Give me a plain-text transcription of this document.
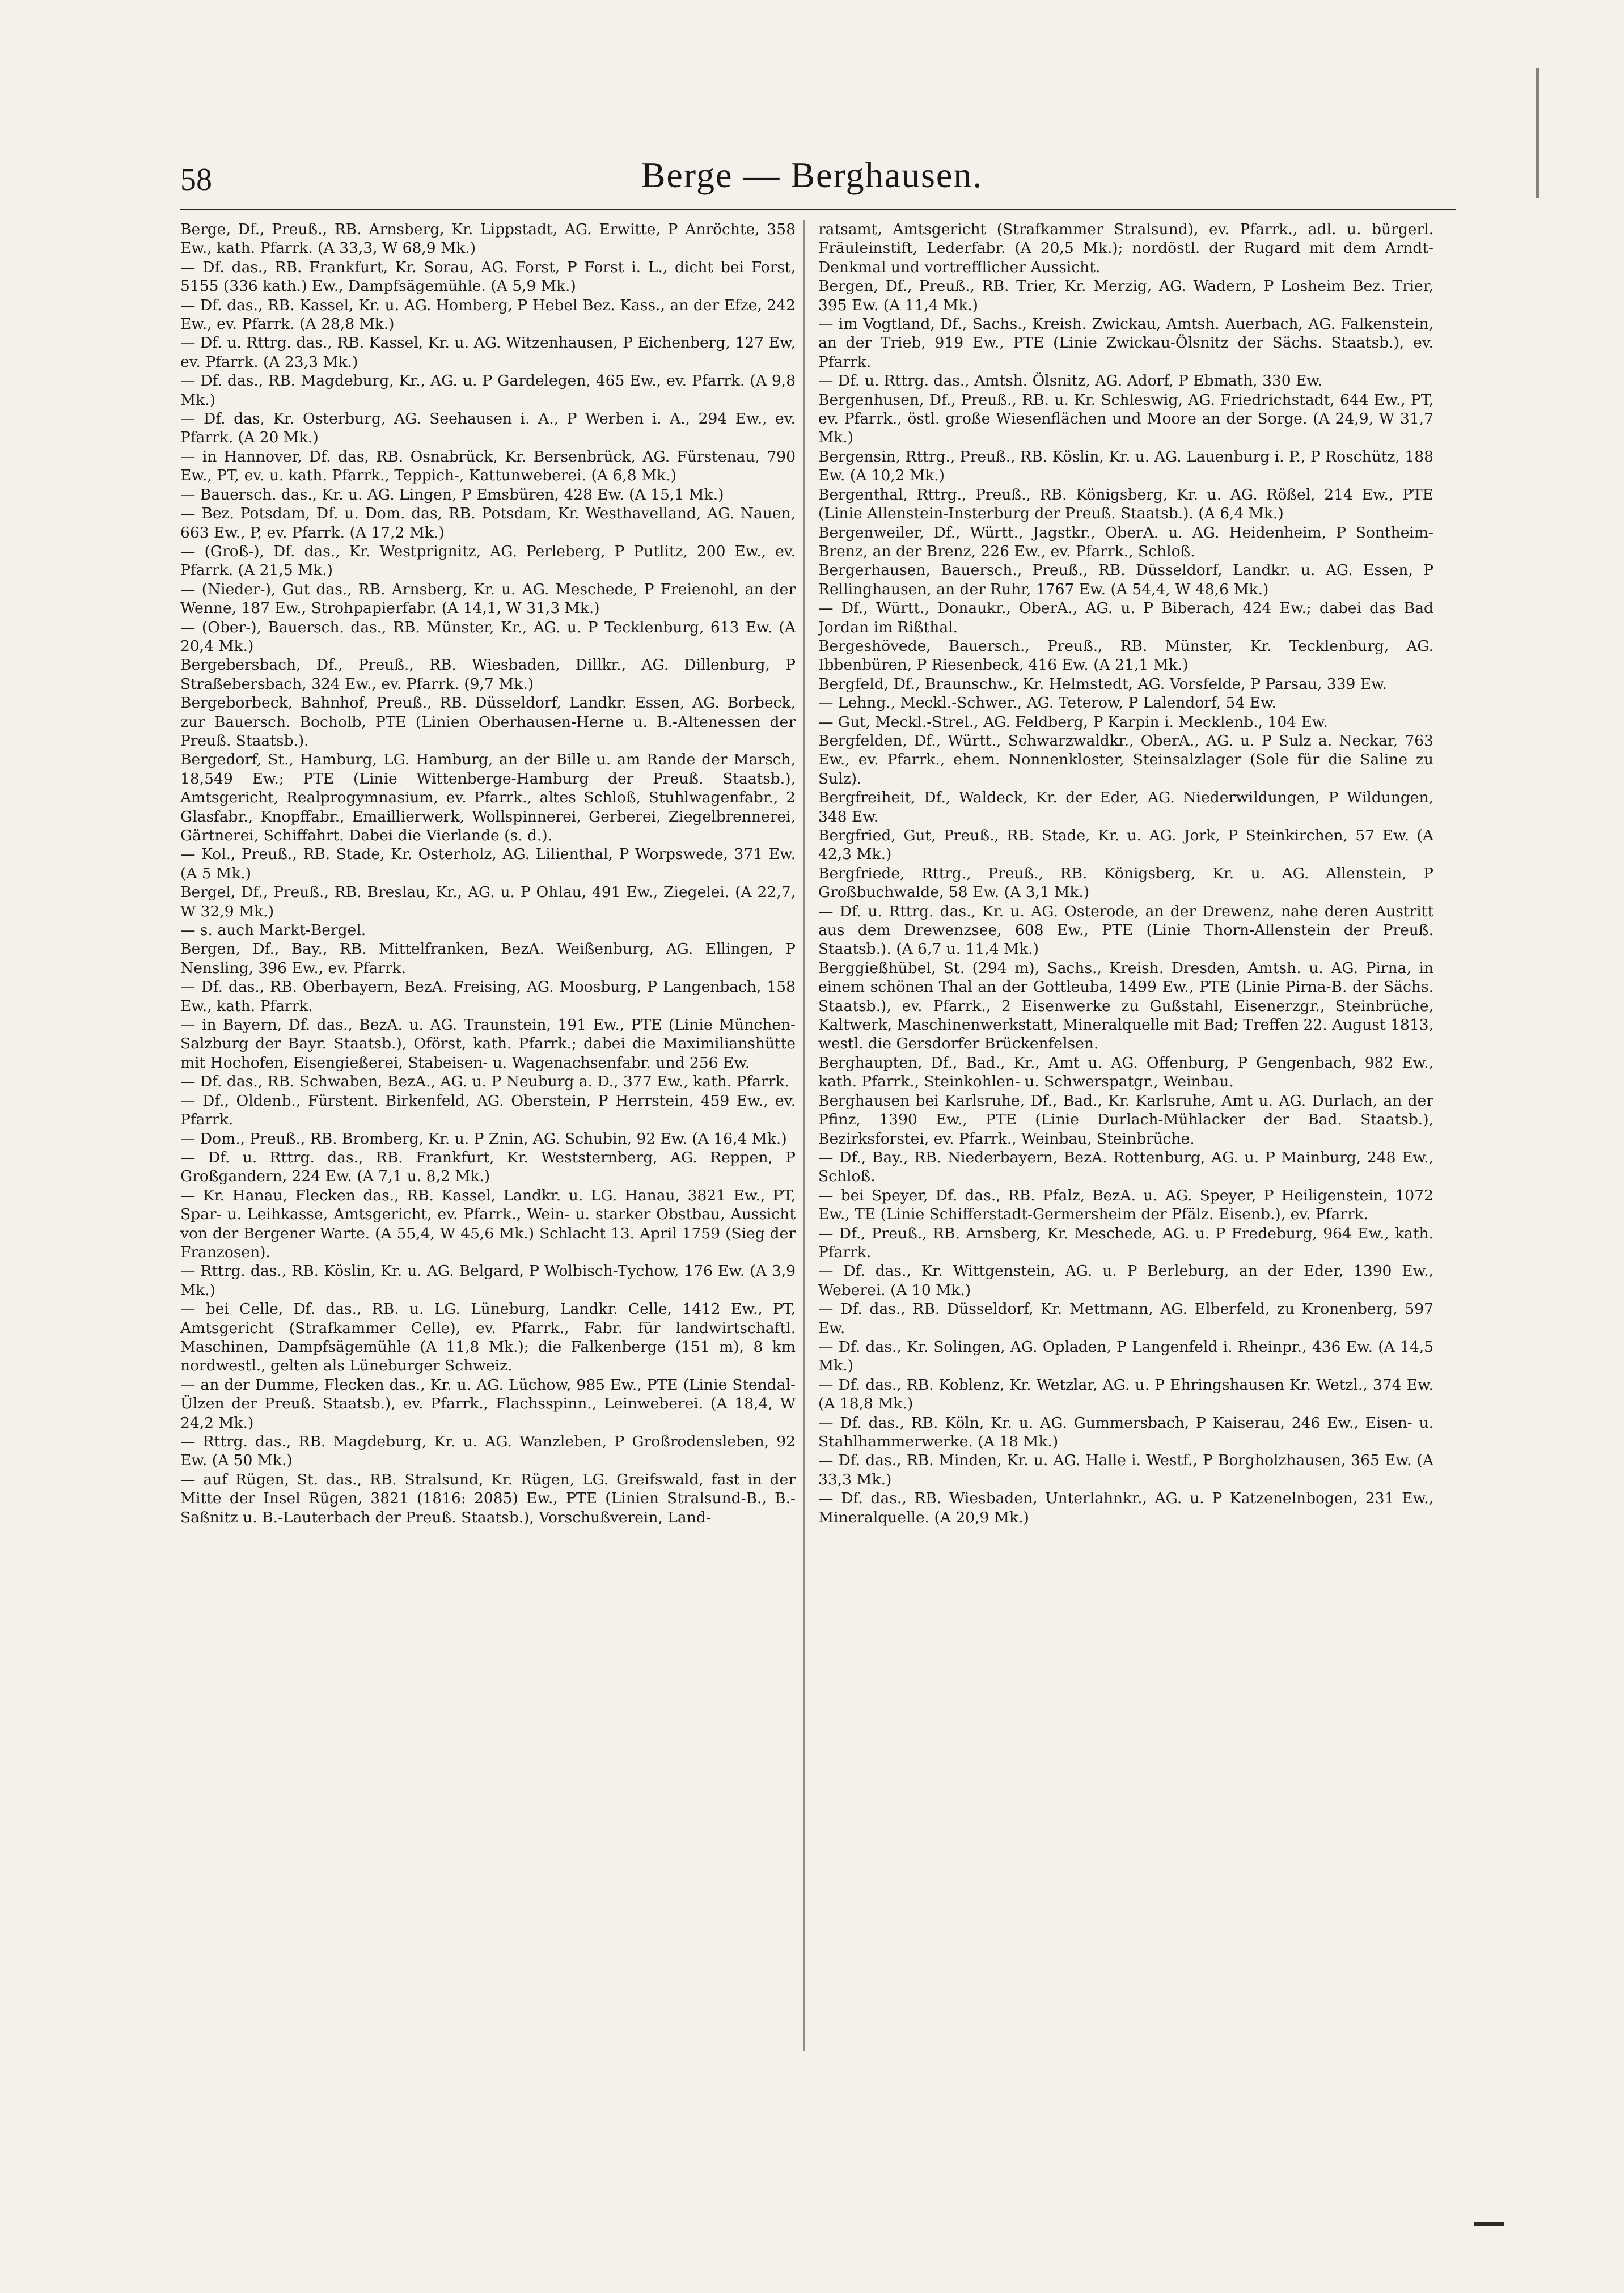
58	Berge — Berghausen.

Berge, Df., Preuß., RB. Arnsberg, Kr. Lippstadt, AG. Erwitte, P Anröchte, 358 Ew., kath. Pfarrk. (A 33,3, W 68,9 Mk.)

— Df. das., RB. Frankfurt, Kr. Sorau, AG. Forst, P Forst i. L., dicht bei Forst, 5155 (336 kath.) Ew., Dampfsägemühle. (A 5,9 Mk.)

— Df. das., RB. Kassel, Kr. u. AG. Homberg, P Hebel Bez. Kass., an der Efze, 242 Ew., ev. Pfarrk. (A 28,8 Mk.)

— Df. u. Rttrg. das., RB. Kassel, Kr. u. AG. Witzenhausen, P Eichenberg, 127 Ew, ev. Pfarrk. (A 23,3 Mk.)

— Df. das., RB. Magdeburg, Kr., AG. u. P Gardelegen, 465 Ew., ev. Pfarrk. (A 9,8 Mk.)

— Df. das, Kr. Osterburg, AG. Seehausen i. A., P Werben i. A., 294 Ew., ev. Pfarrk. (A 20 Mk.)

— in Hannover, Df. das, RB. Osnabrück, Kr. Bersenbrück, AG. Fürstenau, 790 Ew., PT, ev. u. kath. Pfarrk., Teppich-, Kattunweberei. (A 6,8 Mk.)

— Bauersch. das., Kr. u. AG. Lingen, P Emsbüren, 428 Ew. (A 15,1 Mk.)

— Bez. Potsdam, Df. u. Dom. das, RB. Potsdam, Kr. Westhavelland, AG. Nauen, 663 Ew., P, ev. Pfarrk. (A 17,2 Mk.)

— (Groß-), Df. das., Kr. Westprignitz, AG. Perleberg, P Putlitz, 200 Ew., ev. Pfarrk. (A 21,5 Mk.)

— (Nieder-), Gut das., RB. Arnsberg, Kr. u. AG. Meschede, P Freienohl, an der Wenne, 187 Ew., Strohpapierfabr. (A 14,1, W 31,3 Mk.)

— (Ober-), Bauersch. das., RB. Münster, Kr., AG. u. P Tecklenburg, 613 Ew. (A 20,4 Mk.)

Bergebersbach, Df., Preuß., RB. Wiesbaden, Dillkr., AG. Dillenburg, P Straßebersbach, 324 Ew., ev. Pfarrk. (9,7 Mk.)

Bergeborbeck, Bahnhof, Preuß., RB. Düsseldorf, Landkr. Essen, AG. Borbeck, zur Bauersch. Bocholb, PTE (Linien Oberhausen-Herne u. B.-Altenessen der Preuß. Staatsb.).

Bergedorf, St., Hamburg, LG. Hamburg, an der Bille u. am Rande der Marsch, 18,549 Ew.; PTE (Linie Wittenberge-Hamburg der Preuß. Staatsb.), Amtsgericht, Realprogymnasium, ev. Pfarrk., altes Schloß, Stuhlwagenfabr., 2 Glasfabr., Knopffabr., Emaillierwerk, Wollspinnerei, Gerberei, Ziegelbrennerei, Gärtnerei, Schiffahrt. Dabei die Vierlande (s. d.).

— Kol., Preuß., RB. Stade, Kr. Osterholz, AG. Lilienthal, P Worpswede, 371 Ew. (A 5 Mk.)

Bergel, Df., Preuß., RB. Breslau, Kr., AG. u. P Ohlau, 491 Ew., Ziegelei. (A 22,7, W 32,9 Mk.)

— s. auch Markt-Bergel.

Bergen, Df., Bay., RB. Mittelfranken, BezA. Weißenburg, AG. Ellingen, P Nensling, 396 Ew., ev. Pfarrk.

— Df. das., RB. Oberbayern, BezA. Freising, AG. Moosburg, P Langenbach, 158 Ew., kath. Pfarrk.

— in Bayern, Df. das., BezA. u. AG. Traunstein, 191 Ew., PTE (Linie München-Salzburg der Bayr. Staatsb.), Oförst, kath. Pfarrk.; dabei die Maximilianshütte mit Hochofen, Eisengießerei, Stabeisen- u. Wagenachsenfabr. und 256 Ew.

— Df. das., RB. Schwaben, BezA., AG. u. P Neuburg a. D., 377 Ew., kath. Pfarrk.

— Df., Oldenb., Fürstent. Birkenfeld, AG. Oberstein, P Herrstein, 459 Ew., ev. Pfarrk.

— Dom., Preuß., RB. Bromberg, Kr. u. P Znin, AG. Schubin, 92 Ew. (A 16,4 Mk.)

— Df. u. Rttrg. das., RB. Frankfurt, Kr. Weststernberg, AG. Reppen, P Großgandern, 224 Ew. (A 7,1 u. 8,2 Mk.)

— Kr. Hanau, Flecken das., RB. Kassel, Landkr. u. LG. Hanau, 3821 Ew., PT, Spar- u. Leihkasse, Amtsgericht, ev. Pfarrk., Wein- u. starker Obstbau, Aussicht von der Bergener Warte. (A 55,4, W 45,6 Mk.) Schlacht 13. April 1759 (Sieg der Franzosen).

— Rttrg. das., RB. Köslin, Kr. u. AG. Belgard, P Wolbisch-Tychow, 176 Ew. (A 3,9 Mk.)

— bei Celle, Df. das., RB. u. LG. Lüneburg, Landkr. Celle, 1412 Ew., PT, Amtsgericht (Strafkammer Celle), ev. Pfarrk., Fabr. für landwirtschaftl. Maschinen, Dampfsägemühle (A 11,8 Mk.); die Falkenberge (151 m), 8 km nordwestl., gelten als Lüneburger Schweiz.

— an der Dumme, Flecken das., Kr. u. AG. Lüchow, 985 Ew., PTE (Linie Stendal-Ülzen der Preuß. Staatsb.), ev. Pfarrk., Flachsspinn., Leinweberei. (A 18,4, W 24,2 Mk.)

— Rttrg. das., RB. Magdeburg, Kr. u. AG. Wanzleben, P Großrodensleben, 92 Ew. (A 50 Mk.)

— auf Rügen, St. das., RB. Stralsund, Kr. Rügen, LG. Greifswald, fast in der Mitte der Insel Rügen, 3821 (1816: 2085) Ew., PTE (Linien Stralsund-B., B.-Saßnitz u. B.-Lauterbach der Preuß. Staatsb.), Vorschußverein, Land-

ratsamt, Amtsgericht (Strafkammer Stralsund), ev. Pfarrk., adl. u. bürgerl. Fräuleinstift, Lederfabr. (A 20,5 Mk.); nordöstl. der Rugard mit dem Arndt-Denkmal und vortrefflicher Aussicht.

Bergen, Df., Preuß., RB. Trier, Kr. Merzig, AG. Wadern, P Losheim Bez. Trier, 395 Ew. (A 11,4 Mk.)

— im Vogtland, Df., Sachs., Kreish. Zwickau, Amtsh. Auerbach, AG. Falkenstein, an der Trieb, 919 Ew., PTE (Linie Zwickau-Ölsnitz der Sächs. Staatsb.), ev. Pfarrk.

— Df. u. Rttrg. das., Amtsh. Ölsnitz, AG. Adorf, P Ebmath, 330 Ew.

Bergenhusen, Df., Preuß., RB. u. Kr. Schleswig, AG. Friedrichstadt, 644 Ew., PT, ev. Pfarrk., östl. große Wiesenflächen und Moore an der Sorge. (A 24,9, W 31,7 Mk.)

Bergensin, Rttrg., Preuß., RB. Köslin, Kr. u. AG. Lauenburg i. P., P Roschütz, 188 Ew. (A 10,2 Mk.)

Bergenthal, Rttrg., Preuß., RB. Königsberg, Kr. u. AG. Rößel, 214 Ew., PTE (Linie Allenstein-Insterburg der Preuß. Staatsb.). (A 6,4 Mk.)

Bergenweiler, Df., Württ., Jagstkr., OberA. u. AG. Heidenheim, P Sontheim-Brenz, an der Brenz, 226 Ew., ev. Pfarrk., Schloß.

Bergerhausen, Bauersch., Preuß., RB. Düsseldorf, Landkr. u. AG. Essen, P Rellinghausen, an der Ruhr, 1767 Ew. (A 54,4, W 48,6 Mk.)

— Df., Württ., Donaukr., OberA., AG. u. P Biberach, 424 Ew.; dabei das Bad Jordan im Rißthal.

Bergeshövede, Bauersch., Preuß., RB. Münster, Kr. Tecklenburg, AG. Ibbenbüren, P Riesenbeck, 416 Ew. (A 21,1 Mk.)

Bergfeld, Df., Braunschw., Kr. Helmstedt, AG. Vorsfelde, P Parsau, 339 Ew.

— Lehng., Meckl.-Schwer., AG. Teterow, P Lalendorf, 54 Ew.

— Gut, Meckl.-Strel., AG. Feldberg, P Karpin i. Mecklenb., 104 Ew.

Bergfelden, Df., Württ., Schwarzwaldkr., OberA., AG. u. P Sulz a. Neckar, 763 Ew., ev. Pfarrk., ehem. Nonnenkloster, Steinsalzlager (Sole für die Saline zu Sulz).

Bergfreiheit, Df., Waldeck, Kr. der Eder, AG. Niederwildungen, P Wildungen, 348 Ew.

Bergfried, Gut, Preuß., RB. Stade, Kr. u. AG. Jork, P Steinkirchen, 57 Ew. (A 42,3 Mk.)

Bergfriede, Rttrg., Preuß., RB. Königsberg, Kr. u. AG. Allenstein, P Großbuchwalde, 58 Ew. (A 3,1 Mk.)

— Df. u. Rttrg. das., Kr. u. AG. Osterode, an der Drewenz, nahe deren Austritt aus dem Drewenzsee, 608 Ew., PTE (Linie Thorn-Allenstein der Preuß. Staatsb.). (A 6,7 u. 11,4 Mk.)

Berggießhübel, St. (294 m), Sachs., Kreish. Dresden, Amtsh. u. AG. Pirna, in einem schönen Thal an der Gottleuba, 1499 Ew., PTE (Linie Pirna-B. der Sächs. Staatsb.), ev. Pfarrk., 2 Eisenwerke zu Gußstahl, Eisenerzgr., Steinbrüche, Kaltwerk, Maschinenwerkstatt, Mineralquelle mit Bad; Treffen 22. August 1813, westl. die Gersdorfer Brückenfelsen.

Berghaupten, Df., Bad., Kr., Amt u. AG. Offenburg, P Gengenbach, 982 Ew., kath. Pfarrk., Steinkohlen- u. Schwerspatgr., Weinbau.

Berghausen bei Karlsruhe, Df., Bad., Kr. Karlsruhe, Amt u. AG. Durlach, an der Pfinz, 1390 Ew., PTE (Linie Durlach-Mühlacker der Bad. Staatsb.), Bezirksforstei, ev. Pfarrk., Weinbau, Steinbrüche.

— Df., Bay., RB. Niederbayern, BezA. Rottenburg, AG. u. P Mainburg, 248 Ew., Schloß.

— bei Speyer, Df. das., RB. Pfalz, BezA. u. AG. Speyer, P Heiligenstein, 1072 Ew., TE (Linie Schifferstadt-Germersheim der Pfälz. Eisenb.), ev. Pfarrk.

— Df., Preuß., RB. Arnsberg, Kr. Meschede, AG. u. P Fredeburg, 964 Ew., kath. Pfarrk.

— Df. das., Kr. Wittgenstein, AG. u. P Berleburg, an der Eder, 1390 Ew., Weberei. (A 10 Mk.)

— Df. das., RB. Düsseldorf, Kr. Mettmann, AG. Elberfeld, zu Kronenberg, 597 Ew.

— Df. das., Kr. Solingen, AG. Opladen, P Langenfeld i. Rheinpr., 436 Ew. (A 14,5 Mk.)

— Df. das., RB. Koblenz, Kr. Wetzlar, AG. u. P Ehringshausen Kr. Wetzl., 374 Ew. (A 18,8 Mk.)

— Df. das., RB. Köln, Kr. u. AG. Gummersbach, P Kaiserau, 246 Ew., Eisen- u. Stahlhammerwerke. (A 18 Mk.)

— Df. das., RB. Minden, Kr. u. AG. Halle i. Westf., P Borgholzhausen, 365 Ew. (A 33,3 Mk.)

— Df. das., RB. Wiesbaden, Unterlahnkr., AG. u. P Katzenelnbogen, 231 Ew., Mineralquelle. (A 20,9 Mk.)
